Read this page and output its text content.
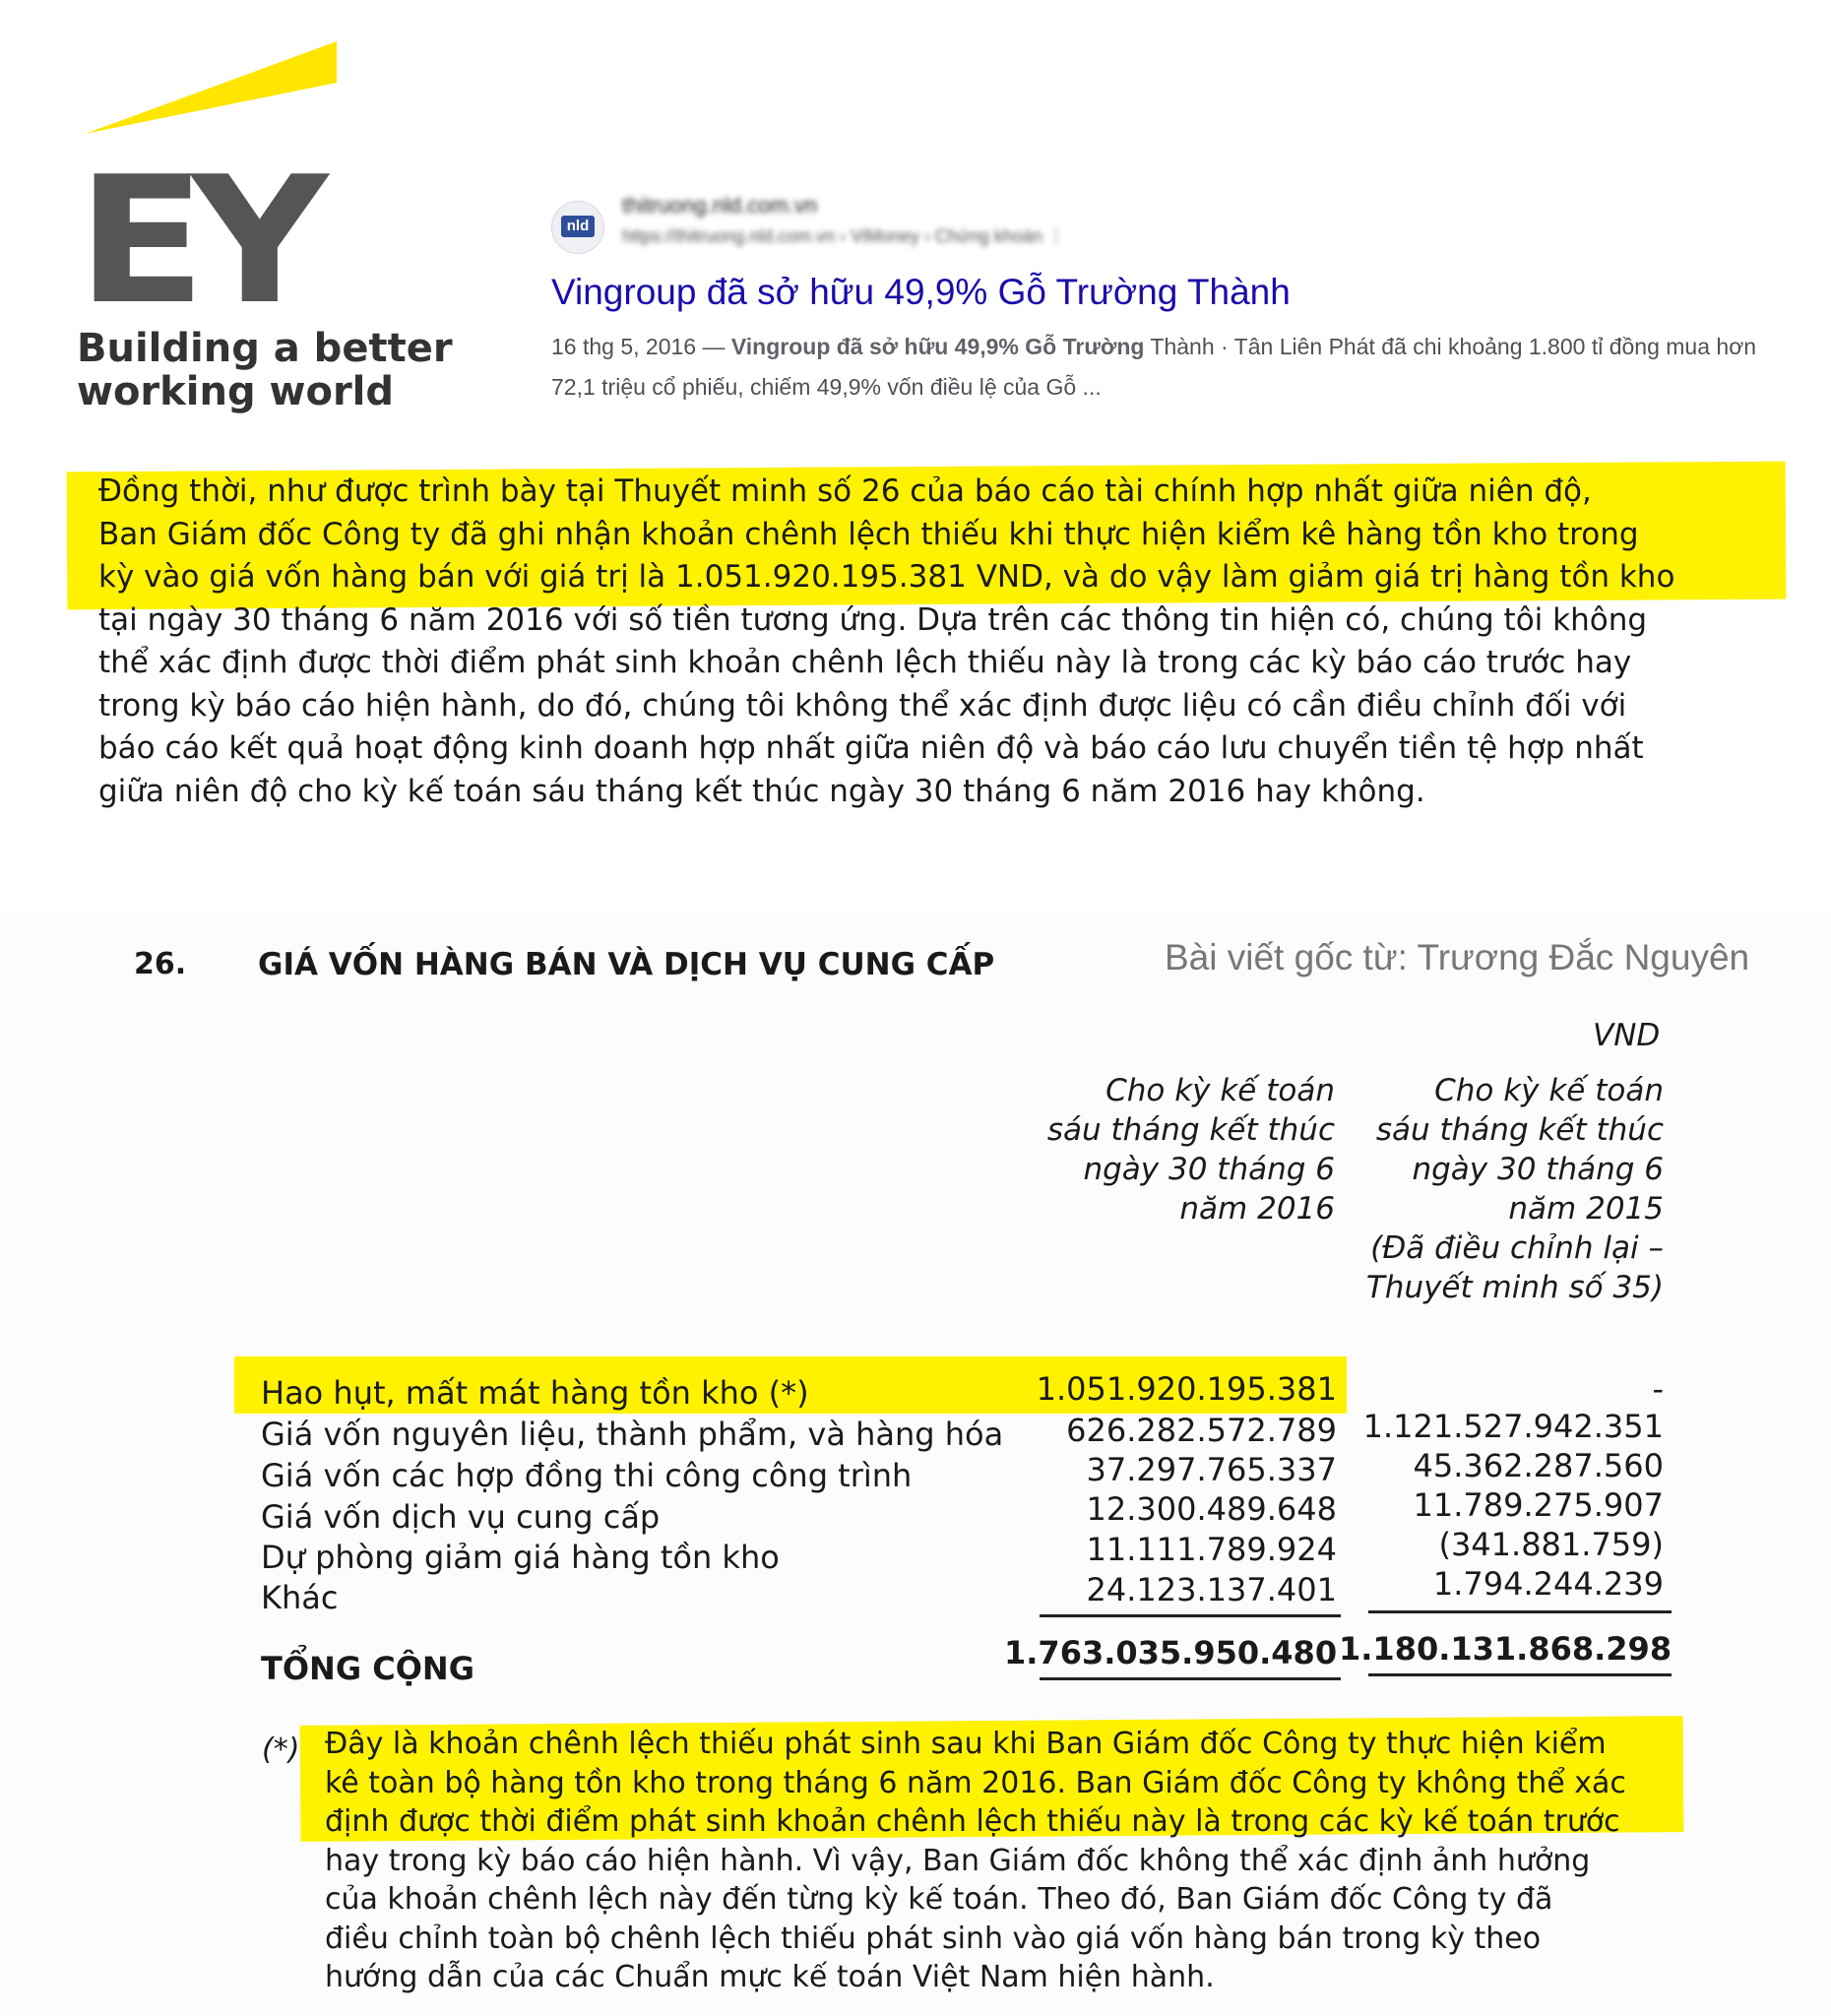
EY
Building a better
working world
nld
thitruong.nld.com.vn
https://thitruong.nld.com.vn › ViMoney › Chứng khoán ⋮
Vingroup đã sở hữu 49,9% Gỗ Trường Thành
16 thg 5, 2016 — Vingroup đã sở hữu 49,9% Gỗ Trường Thành · Tân Liên Phát đã chi khoảng 1.800 tỉ đồng mua hơn 72,1 triệu cổ phiếu, chiếm 49,9% vốn điều lệ của Gỗ ...
Đồng thời, như được trình bày tại Thuyết minh số 26 của báo cáo tài chính hợp nhất giữa niên độ,
Ban Giám đốc Công ty đã ghi nhận khoản chênh lệch thiếu khi thực hiện kiểm kê hàng tồn kho trong
kỳ vào giá vốn hàng bán với giá trị là 1.051.920.195.381 VND, và do vậy làm giảm giá trị hàng tồn kho
tại ngày 30 tháng 6 năm 2016 với số tiền tương ứng. Dựa trên các thông tin hiện có, chúng tôi không
thể xác định được thời điểm phát sinh khoản chênh lệch thiếu này là trong các kỳ báo cáo trước hay
trong kỳ báo cáo hiện hành, do đó, chúng tôi không thể xác định được liệu có cần điều chỉnh đối với
báo cáo kết quả hoạt động kinh doanh hợp nhất giữa niên độ và báo cáo lưu chuyển tiền tệ hợp nhất
giữa niên độ cho kỳ kế toán sáu tháng kết thúc ngày 30 tháng 6 năm 2016 hay không.
26. GIÁ VỐN HÀNG BÁN VÀ DỊCH VỤ CUNG CẤP	Bài viết gốc từ: Trương Đắc Nguyên
VND
Cho kỳ kế toán
sáu tháng kết thúc
ngày 30 tháng 6
năm 2016
Cho kỳ kế toán
sáu tháng kết thúc
ngày 30 tháng 6
năm 2015
(Đã điều chỉnh lại –
Thuyết minh số 35)
Hao hụt, mất mát hàng tồn kho (*)	1.051.920.195.381	-
Giá vốn nguyên liệu, thành phẩm, và hàng hóa	626.282.572.789 1.121.527.942.351
Giá vốn các hợp đồng thi công công trình	37.297.765.337	45.362.287.560
Giá vốn dịch vụ cung cấp	12.300.489.648	11.789.275.907
Dự phòng giảm giá hàng tồn kho	11.111.789.924	(341.881.759)
Khác	24.123.137.401	1.794.244.239
TỔNG CỘNG	1.763.035.950.480 1.180.131.868.298
(*) Đây là khoản chênh lệch thiếu phát sinh sau khi Ban Giám đốc Công ty thực hiện kiểm
kê toàn bộ hàng tồn kho trong tháng 6 năm 2016. Ban Giám đốc Công ty không thể xác
định được thời điểm phát sinh khoản chênh lệch thiếu này là trong các kỳ kế toán trước
hay trong kỳ báo cáo hiện hành. Vì vậy, Ban Giám đốc không thể xác định ảnh hưởng
của khoản chênh lệch này đến từng kỳ kế toán. Theo đó, Ban Giám đốc Công ty đã
điều chỉnh toàn bộ chênh lệch thiếu phát sinh vào giá vốn hàng bán trong kỳ theo
hướng dẫn của các Chuẩn mực kế toán Việt Nam hiện hành.
